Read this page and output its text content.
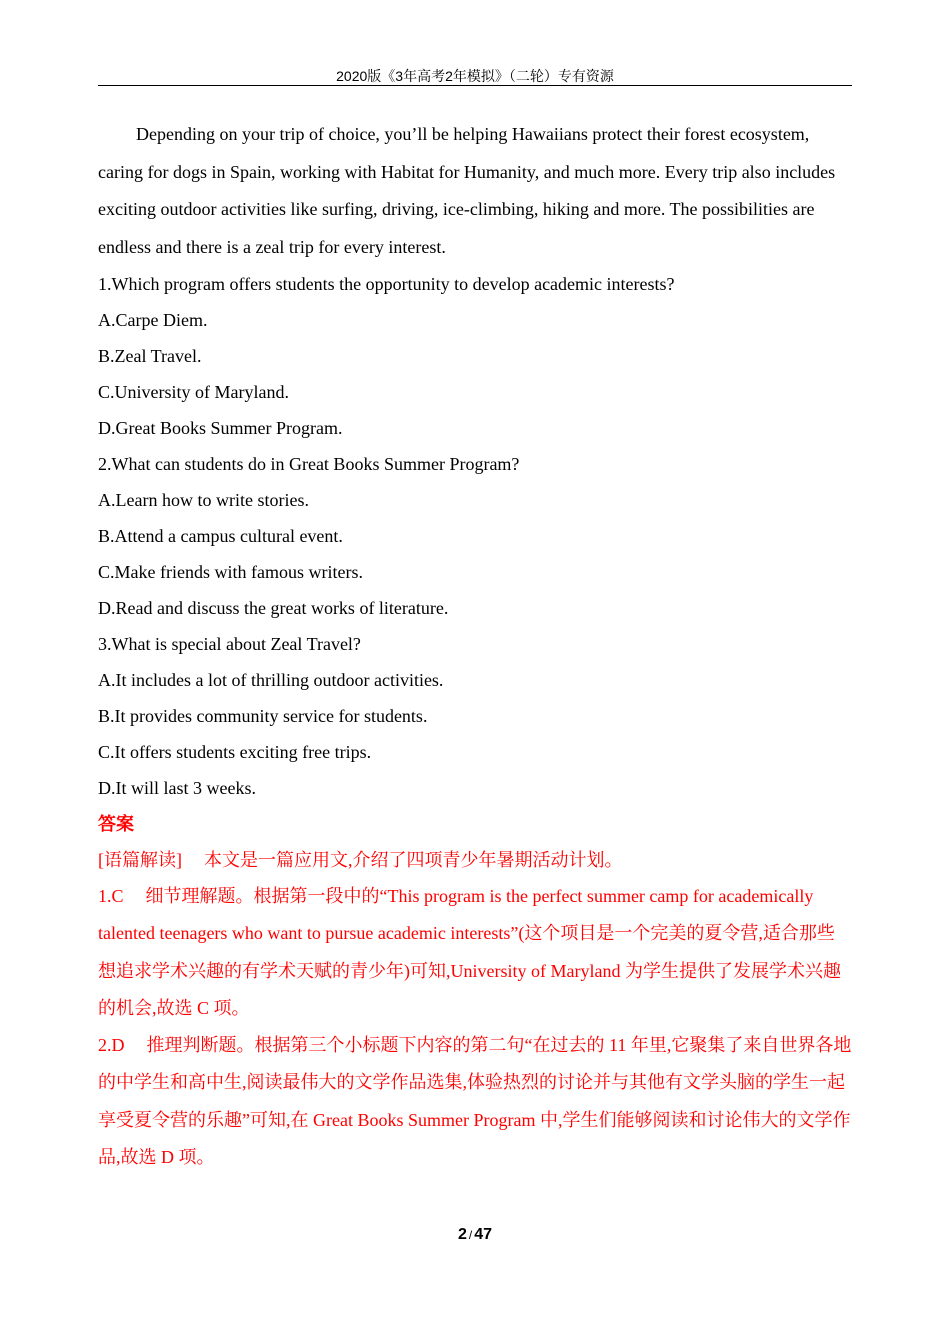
2020版《3年高考2年模拟》（二轮）专有资源

Depending on your trip of choice, you’ll be helping Hawaiians protect their forest ecosystem, caring for dogs in Spain, working with Habitat for Humanity, and much more. Every trip also includes exciting outdoor activities like surfing, driving, ice-climbing, hiking and more. The possibilities are endless and there is a zeal trip for every interest.

1.Which program offers students the opportunity to develop academic interests?

A.Carpe Diem.

B.Zeal Travel.

C.University of Maryland.

D.Great Books Summer Program.

2.What can students do in Great Books Summer Program?

A.Learn how to write stories.

B.Attend a campus cultural event.

C.Make friends with famous writers.

D.Read and discuss the great works of literature.

3.What is special about Zeal Travel?

A.It includes a lot of thrilling outdoor activities.

B.It provides community service for students.

C.It offers students exciting free trips.

D.It will last 3 weeks.

答案

[语篇解读] 本文是一篇应用文,介绍了四项青少年暑期活动计划。

1.C 细节理解题。根据第一段中的“This program is the perfect summer camp for academically talented teenagers who want to pursue academic interests”(这个项目是一个完美的夏令营,适合那些想追求学术兴趣的有学术天赋的青少年)可知,University of Maryland 为学生提供了发展学术兴趣的机会,故选 C 项。

2.D 推理判断题。根据第三个小标题下内容的第二句“在过去的 11 年里,它聚集了来自世界各地的中学生和高中生,阅读最伟大的文学作品选集,体验热烈的讨论并与其他有文学头脑的学生一起享受夏令营的乐趣”可知,在 Great Books Summer Program 中,学生们能够阅读和讨论伟大的文学作品,故选 D 项。

2 / 47
